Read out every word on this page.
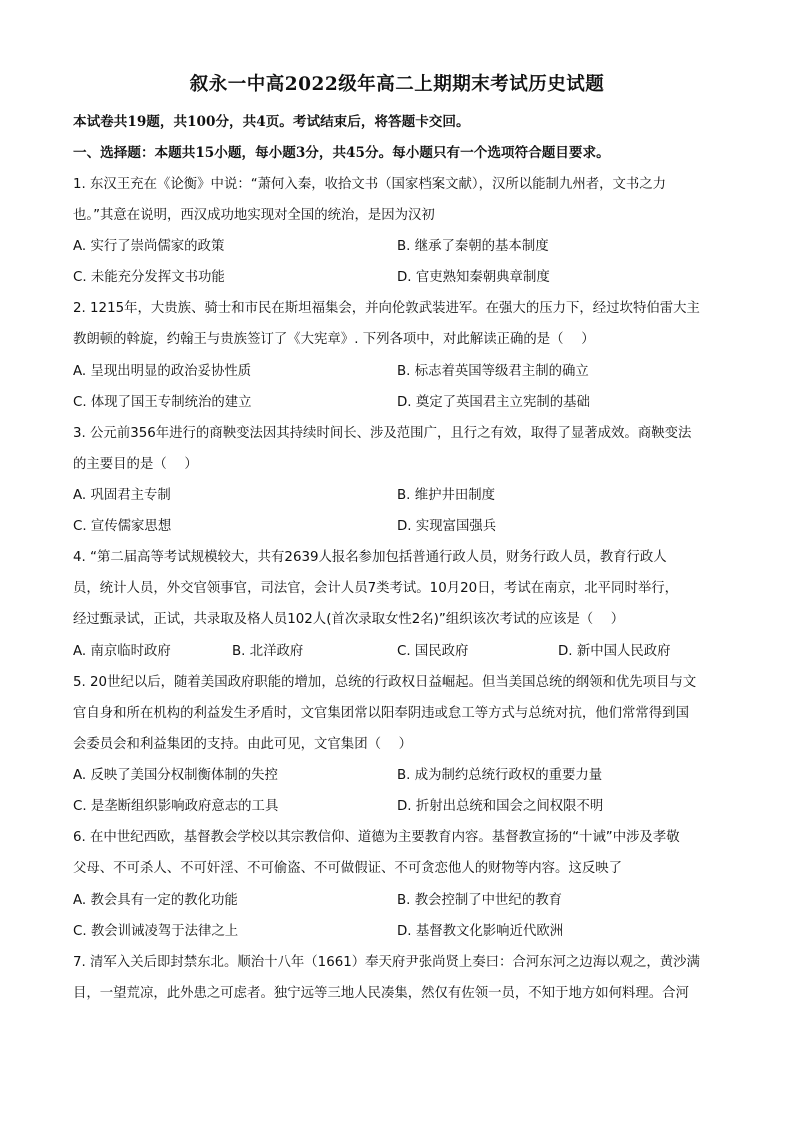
叙永一中高2022级年高二上期期末考试历史试题
本试卷共19题，共100分，共4页。考试结束后，将答题卡交回。
一、选择题：本题共15小题，每小题3分，共45分。每小题只有一个选项符合题目要求。
1. 东汉王充在《论衡》中说：“萧何入秦，收拾文书（国家档案文献），汉所以能制九州者，文书之力
也。”其意在说明，西汉成功地实现对全国的统治，是因为汉初
A. 实行了崇尚儒家的政策	B. 继承了秦朝的基本制度
C. 未能充分发挥文书功能	D. 官吏熟知秦朝典章制度
2. 1215年，大贵族、骑士和市民在斯坦福集会，并向伦敦武装进军。在强大的压力下，经过坎特伯雷大主
教朗顿的斡旋，约翰王与贵族签订了《大宪章》. 下列各项中，对此解读正确的是（　 ）
A. 呈现出明显的政治妥协性质	B. 标志着英国等级君主制的确立
C. 体现了国王专制统治的建立	D. 奠定了英国君主立宪制的基础
3. 公元前356年进行的商鞅变法因其持续时间长、涉及范围广，且行之有效，取得了显著成效。商鞅变法
的主要目的是（　 ）
A. 巩固君主专制	B. 维护井田制度
C. 宣传儒家思想	D. 实现富国强兵
4. “第二届高等考试规模较大，共有2639人报名参加包括普通行政人员，财务行政人员，教育行政人
员，统计人员，外交官领事官，司法官，会计人员7类考试。10月20日，考试在南京，北平同时举行，
经过甄录试，正试，共录取及格人员102人(首次录取女性2名)”组织该次考试的应该是（　 ）
A. 南京临时政府	B. 北洋政府	C. 国民政府	D. 新中国人民政府
5. 20世纪以后，随着美国政府职能的增加，总统的行政权日益崛起。但当美国总统的纲领和优先项目与文
官自身和所在机构的利益发生矛盾时，文官集团常以阳奉阴违或怠工等方式与总统对抗，他们常常得到国
会委员会和利益集团的支持。由此可见，文官集团（　 ）
A. 反映了美国分权制衡体制的失控	B. 成为制约总统行政权的重要力量
C. 是垄断组织影响政府意志的工具	D. 折射出总统和国会之间权限不明
6. 在中世纪西欧，基督教会学校以其宗教信仰、道德为主要教育内容。基督教宣扬的“十诫”中涉及孝敬
父母、不可杀人、不可奸淫、不可偷盗、不可做假证、不可贪恋他人的财物等内容。这反映了
A. 教会具有一定的教化功能	B. 教会控制了中世纪的教育
C. 教会训诫凌驾于法律之上	D. 基督教文化影响近代欧洲
7. 清军入关后即封禁东北。顺治十八年（1661）奉天府尹张尚贤上奏曰：合河东河之边海以观之，黄沙满
目，一望荒凉，此外患之可虑者。独宁远等三地人民凑集，然仅有佐领一员，不知于地方如何料理。合河
